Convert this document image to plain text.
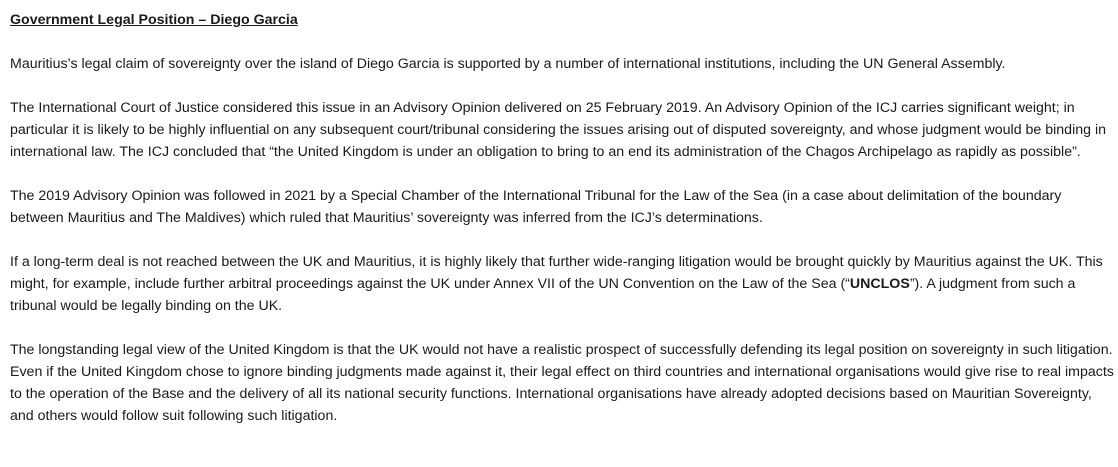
Government Legal Position – Diego Garcia

Mauritius’s legal claim of sovereignty over the island of Diego Garcia is supported by a number of international institutions, including the UN General Assembly.

The International Court of Justice considered this issue in an Advisory Opinion delivered on 25 February 2019. An Advisory Opinion of the ICJ carries significant weight; in particular it is likely to be highly influential on any subsequent court/tribunal considering the issues arising out of disputed sovereignty, and whose judgment would be binding in international law. The ICJ concluded that “the United Kingdom is under an obligation to bring to an end its administration of the Chagos Archipelago as rapidly as possible”.

The 2019 Advisory Opinion was followed in 2021 by a Special Chamber of the International Tribunal for the Law of the Sea (in a case about delimitation of the boundary between Mauritius and The Maldives) which ruled that Mauritius’ sovereignty was inferred from the ICJ’s determinations.

If a long-term deal is not reached between the UK and Mauritius, it is highly likely that further wide-ranging litigation would be brought quickly by Mauritius against the UK. This might, for example, include further arbitral proceedings against the UK under Annex VII of the UN Convention on the Law of the Sea (“UNCLOS”). A judgment from such a tribunal would be legally binding on the UK.

The longstanding legal view of the United Kingdom is that the UK would not have a realistic prospect of successfully defending its legal position on sovereignty in such litigation. Even if the United Kingdom chose to ignore binding judgments made against it, their legal effect on third countries and international organisations would give rise to real impacts to the operation of the Base and the delivery of all its national security functions. International organisations have already adopted decisions based on Mauritian Sovereignty, and others would follow suit following such litigation.
